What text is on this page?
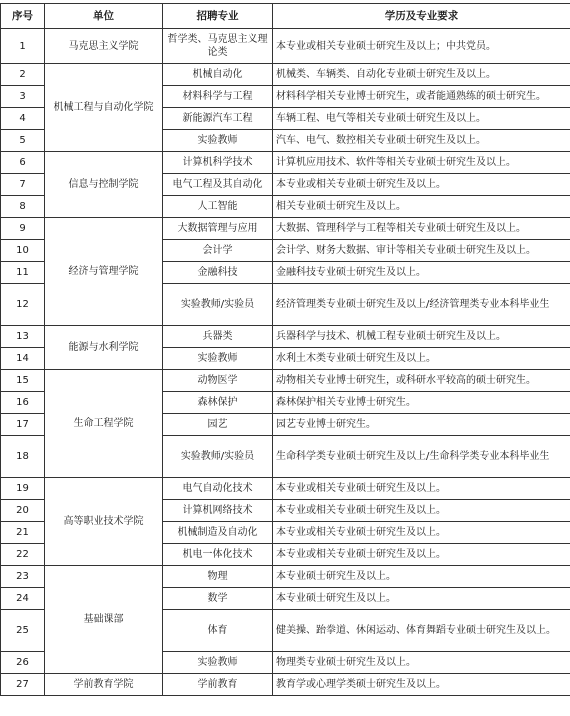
序号	单位	招聘专业	学历及专业要求
1	马克思主义学院	哲学类、马克思主义理论类	本专业或相关专业硕士研究生及以上；中共党员。
2	机械工程与自动化学院	机械自动化	机械类、车辆类、自动化专业硕士研究生及以上。
3		材料科学与工程	材料科学相关专业博士研究生，或者能通熟练的硕士研究生。
4		新能源汽车工程	车辆工程、电气等相关专业硕士研究生及以上。
5		实验教师	汽车、电气、数控相关专业硕士研究生及以上。
6	信息与控制学院	计算机科学技术	计算机应用技术、软件等相关专业硕士研究生及以上。
7		电气工程及其自动化	本专业或相关专业硕士研究生及以上。
8		人工智能	相关专业硕士研究生及以上。
9	经济与管理学院	大数据管理与应用	大数据、管理科学与工程等相关专业硕士研究生及以上。
10		会计学	会计学、财务大数据、审计等相关专业硕士研究生及以上。
11		金融科技	金融科技专业硕士研究生及以上。
12		实验教师/实验员	经济管理类专业硕士研究生及以上/经济管理类专业本科毕业生
13	能源与水利学院	兵器类	兵器科学与技术、机械工程专业硕士研究生及以上。
14		实验教师	水利土木类专业硕士研究生及以上。
15	生命工程学院	动物医学	动物相关专业博士研究生，或科研水平较高的硕士研究生。
16		森林保护	森林保护相关专业博士研究生。
17		园艺	园艺专业博士研究生。
18		实验教师/实验员	生命科学类专业硕士研究生及以上/生命科学类专业本科毕业生
19	高等职业技术学院	电气自动化技术	本专业或相关专业硕士研究生及以上。
20		计算机网络技术	本专业或相关专业硕士研究生及以上。
21		机械制造及自动化	本专业或相关专业硕士研究生及以上。
22		机电一体化技术	本专业或相关专业硕士研究生及以上。
23	基础课部	物理	本专业硕士研究生及以上。
24		数学	本专业硕士研究生及以上。
25		体育	健美操、跆拳道、休闲运动、体育舞蹈专业硕士研究生及以上。
26		实验教师	物理类专业硕士研究生及以上。
27	学前教育学院	学前教育	教育学或心理学类硕士研究生及以上。
